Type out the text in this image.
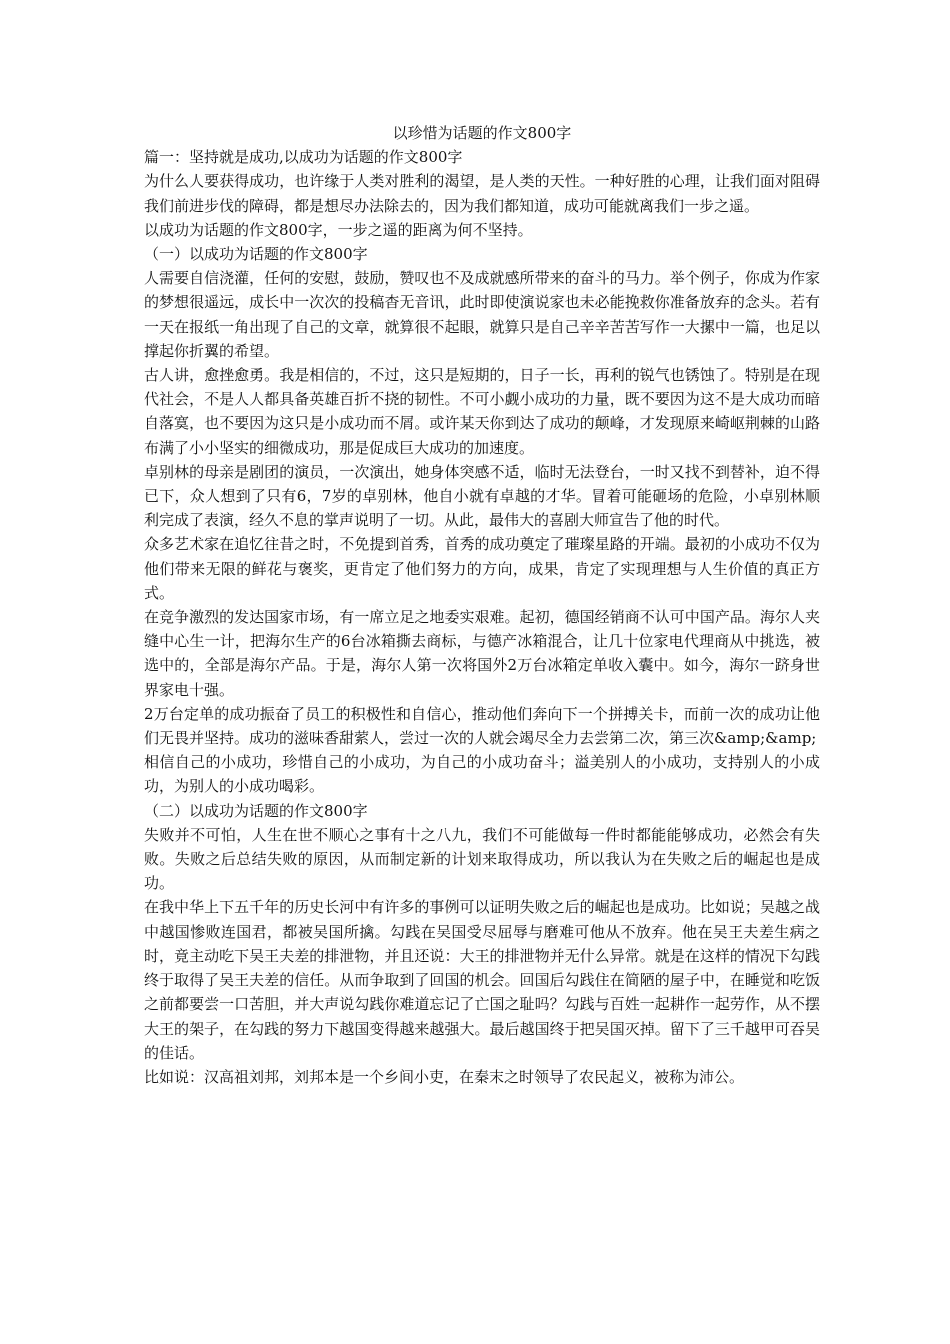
以珍惜为话题的作文800字

篇一：坚持就是成功,以成功为话题的作文800字

为什么人要获得成功，也许缘于人类对胜利的渴望，是人类的天性。一种好胜的心理，让我们面对阻碍我们前进步伐的障碍，都是想尽办法除去的，因为我们都知道，成功可能就离我们一步之遥。

以成功为话题的作文800字，一步之遥的距离为何不坚持。

（一）以成功为话题的作文800字

人需要自信浇灌，任何的安慰，鼓励，赞叹也不及成就感所带来的奋斗的马力。举个例子，你成为作家的梦想很遥远，成长中一次次的投稿杳无音讯，此时即使演说家也未必能挽救你准备放弃的念头。若有一天在报纸一角出现了自己的文章，就算很不起眼，就算只是自己辛辛苦苦写作一大摞中一篇，也足以撑起你折翼的希望。

古人讲，愈挫愈勇。我是相信的，不过，这只是短期的，日子一长，再利的锐气也锈蚀了。特别是在现代社会，不是人人都具备英雄百折不挠的韧性。不可小觑小成功的力量，既不要因为这不是大成功而暗自落寞，也不要因为这只是小成功而不屑。或许某天你到达了成功的颠峰，才发现原来崎岖荆棘的山路布满了小小坚实的细微成功，那是促成巨大成功的加速度。

卓别林的母亲是剧团的演员，一次演出，她身体突感不适，临时无法登台，一时又找不到替补，迫不得已下，众人想到了只有6，7岁的卓别林，他自小就有卓越的才华。冒着可能砸场的危险，小卓别林顺利完成了表演，经久不息的掌声说明了一切。从此，最伟大的喜剧大师宣告了他的时代。

众多艺术家在追忆往昔之时，不免提到首秀，首秀的成功奠定了璀璨星路的开端。最初的小成功不仅为他们带来无限的鲜花与褒奖，更肯定了他们努力的方向，成果，肯定了实现理想与人生价值的真正方式。

在竞争激烈的发达国家市场，有一席立足之地委实艰难。起初，德国经销商不认可中国产品。海尔人夹缝中心生一计，把海尔生产的6台冰箱撕去商标，与德产冰箱混合，让几十位家电代理商从中挑选，被选中的，全部是海尔产品。于是，海尔人第一次将国外2万台冰箱定单收入囊中。如今，海尔一跻身世界家电十强。

2万台定单的成功振奋了员工的积极性和自信心，推动他们奔向下一个拼搏关卡，而前一次的成功让他们无畏并坚持。成功的滋味香甜萦人，尝过一次的人就会竭尽全力去尝第二次，第三次&amp;&amp;

相信自己的小成功，珍惜自己的小成功，为自己的小成功奋斗；溢美别人的小成功，支持别人的小成功，为别人的小成功喝彩。

（二）以成功为话题的作文800字

失败并不可怕，人生在世不顺心之事有十之八九，我们不可能做每一件时都能能够成功，必然会有失败。失败之后总结失败的原因，从而制定新的计划来取得成功，所以我认为在失败之后的崛起也是成功。

在我中华上下五千年的历史长河中有许多的事例可以证明失败之后的崛起也是成功。比如说；吴越之战中越国惨败连国君，都被吴国所擒。勾践在吴国受尽屈辱与磨难可他从不放弃。他在吴王夫差生病之时，竟主动吃下吴王夫差的排泄物，并且还说：大王的排泄物并无什么异常。就是在这样的情况下勾践终于取得了吴王夫差的信任。从而争取到了回国的机会。回国后勾践住在简陋的屋子中，在睡觉和吃饭之前都要尝一口苦胆，并大声说勾践你难道忘记了亡国之耻吗？勾践与百姓一起耕作一起劳作，从不摆大王的架子，在勾践的努力下越国变得越来越强大。最后越国终于把吴国灭掉。留下了三千越甲可吞吴的佳话。

比如说：汉高祖刘邦，刘邦本是一个乡间小吏，在秦末之时领导了农民起义，被称为沛公。
